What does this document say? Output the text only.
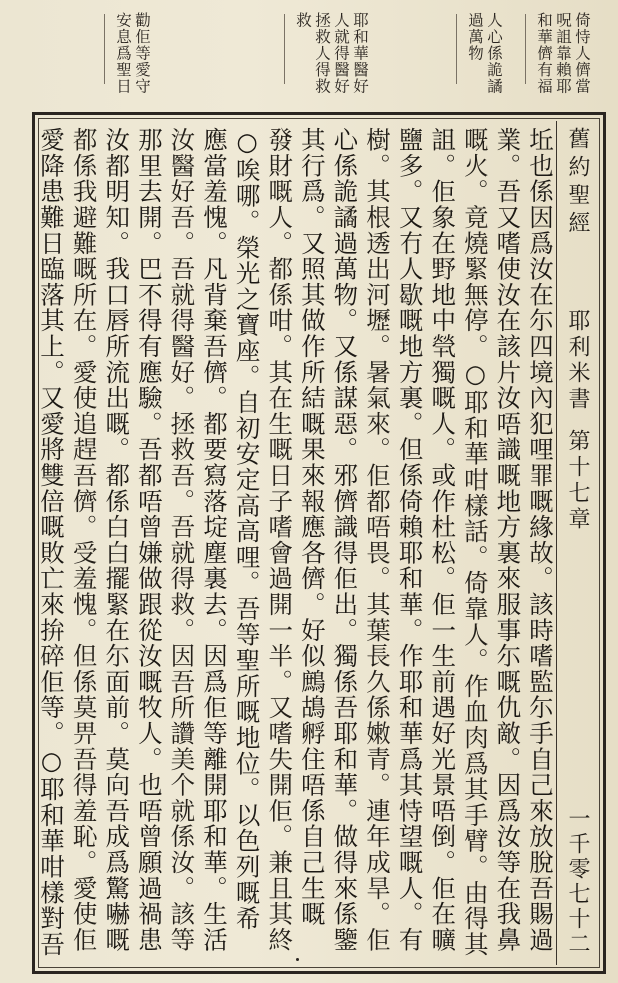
倚恃人儕當
呪詛靠賴耶
和華儕有福
人心係詭譎
過萬物

耶和華醫好
人就得醫好
拯救人得救
救

勸佢等愛守
安息爲聖日
舊約聖經
耶利米書
第十七章
一千零七十二
坵也係因爲汝在尓四境內犯哩罪嘅緣故。該時嗜監尓手自己來放脫吾賜過
業。吾又嗜使汝在該片汝唔識嘅地方裏來服事尓嘅仇敵。因爲汝等在我鼻
嘅火。竟燒緊無停。○耶和華咁樣話。倚靠人。作血肉爲其手臂。由得其
詛。佢象在野地中煢獨嘅人。或作杜松。佢一生前遇好光景唔倒。佢在曠
鹽多。又冇人歇嘅地方裏。但係倚賴耶和華。作耶和華爲其恃望嘅人。有
樹。其根透出河壢。暑氣來。佢都唔畏。其葉長久係嫩青。連年成旱。佢
心係詭譎過萬物。又係謀惡。邪儕識得佢出。獨係吾耶和華。做得來係鑒
其行爲。又照其做作所結嘅果來報應各儕。好似鷓鴣孵住唔係自己生嘅
發財嘅人。都係咁。其在生嘅日子嗜會過開一半。又嗜失開佢。兼且其終
○唉哪。榮光之寶座。自初安定高高哩。吾等聖所嘅地位。以色列嘅希
應當羞愧。凡背棄吾儕。都要寫落埞塵裏去。因爲佢等離開耶和華。生活
汝醫好吾。吾就得醫好。拯救吾。吾就得救。因吾所讚美个就係汝。該等
那里去開。巴不得有應驗。吾都唔曾嫌做跟從汝嘅牧人。也唔曾願過禍患
汝都明知。我口唇所流出嘅。都係白白擺緊在尓面前。莫向吾成爲驚嚇嘅
都係我避難嘅所在。愛使追趕吾儕。受羞愧。但係莫畀吾得羞恥。愛使佢
愛降患難日臨落其上。又愛將雙倍嘅敗亡來拚碎佢等。○耶和華咁樣對吾
